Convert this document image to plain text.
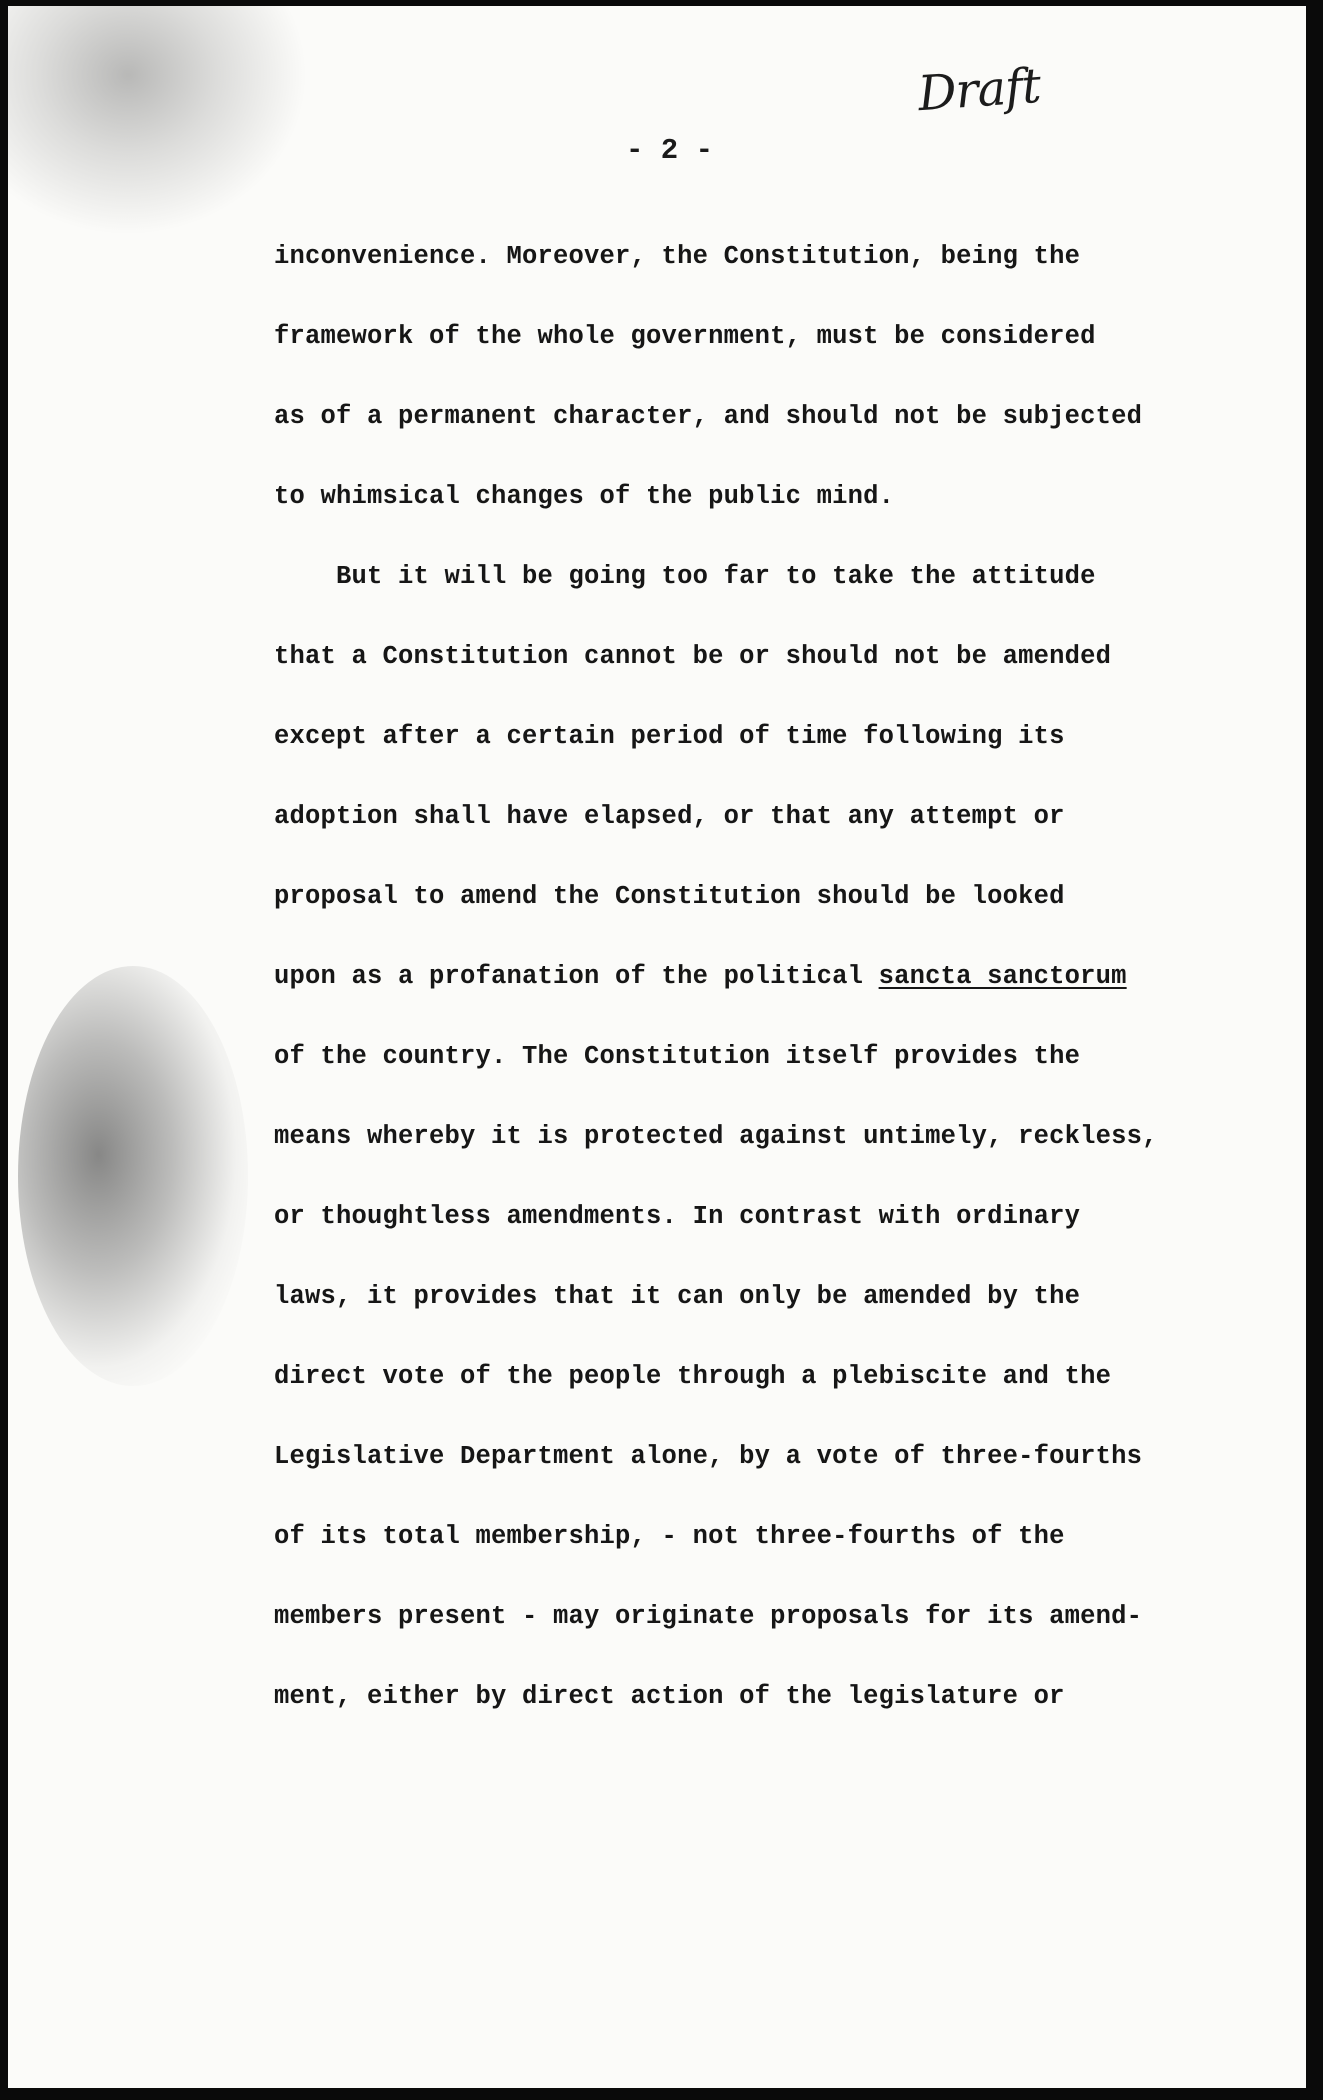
Draft
- 2 -
inconvenience. Moreover, the Constitution, being the
framework of the whole government, must be considered
as of a permanent character, and should not be subjected
to whimsical changes of the public mind.
But it will be going too far to take the attitude
that a Constitution cannot be or should not be amended
except after a certain period of time following its
adoption shall have elapsed, or that any attempt or
proposal to amend the Constitution should be looked
upon as a profanation of the political sancta sanctorum
of the country. The Constitution itself provides the
means whereby it is protected against untimely, reckless,
or thoughtless amendments. In contrast with ordinary
laws, it provides that it can only be amended by the
direct vote of the people through a plebiscite and the
Legislative Department alone, by a vote of three-fourths
of its total membership, - not three-fourths of the
members present - may originate proposals for its amend-
ment, either by direct action of the legislature or
